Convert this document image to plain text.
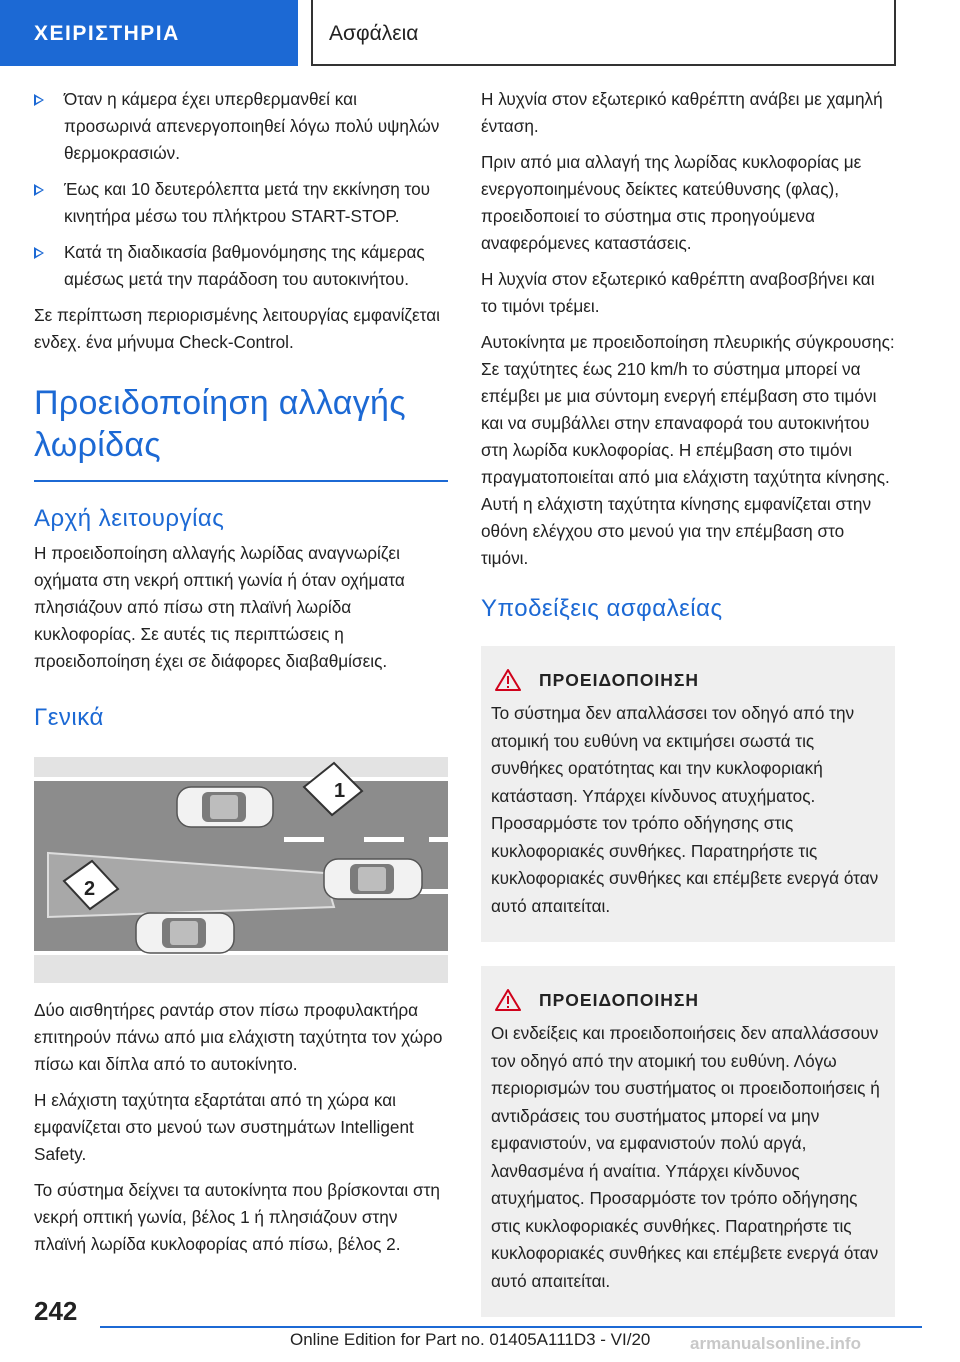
ΧΕΙΡΙΣΤΗΡΙΑ	Ασφάλεια
Όταν η κάμερα έχει υπερθερμανθεί και προσωρινά απενεργοποιηθεί λόγω πολύ υψηλών θερμοκρασιών.
Έως και 10 δευτερόλεπτα μετά την εκκίνηση του κινητήρα μέσω του πλήκτρου START-STOP.
Κατά τη διαδικασία βαθμονόμησης της κάμερας αμέσως μετά την παράδοση του αυτοκινήτου.

Σε περίπτωση περιορισμένης λειτουργίας εμφανίζεται ενδεχ. ένα μήνυμα Check-Control.

Προειδοποίηση αλλαγής λωρίδας
Αρχή λειτουργίας

Η προειδοποίηση αλλαγής λωρίδας αναγνωρίζει οχήματα στη νεκρή οπτική γωνία ή όταν οχήματα πλησιάζουν από πίσω στη πλαϊνή λωρίδα κυκλοφορίας. Σε αυτές τις περιπτώσεις η προειδοποίηση έχει σε διάφορες διαβαθμίσεις.

Γενικά
1
2

Δύο αισθητήρες ραντάρ στον πίσω προφυλακτήρα επιτηρούν πάνω από μια ελάχιστη ταχύτητα τον χώρο πίσω και δίπλα από το αυτοκίνητο.

Η ελάχιστη ταχύτητα εξαρτάται από τη χώρα και εμφανίζεται στο μενού των συστημάτων Intelligent Safety.

Το σύστημα δείχνει τα αυτοκίνητα που βρίσκονται στη νεκρή οπτική γωνία, βέλος 1 ή πλησιάζουν στην πλαϊνή λωρίδα κυκλοφορίας από πίσω, βέλος 2.

Η λυχνία στον εξωτερικό καθρέπτη ανάβει με χαμηλή ένταση.

Πριν από μια αλλαγή της λωρίδας κυκλοφορίας με ενεργοποιημένους δείκτες κατεύθυνσης (φλας), προειδοποιεί το σύστημα στις προηγούμενα αναφερόμενες καταστάσεις.

Η λυχνία στον εξωτερικό καθρέπτη αναβοσβήνει και το τιμόνι τρέμει.

Αυτοκίνητα με προειδοποίηση πλευρικής σύγκρουσης: Σε ταχύτητες έως 210 km/h το σύστημα μπορεί να επέμβει με μια σύντομη ενεργή επέμβαση στο τιμόνι και να συμβάλλει στην επαναφορά του αυτοκινήτου στη λωρίδα κυκλοφορίας. Η επέμβαση στο τιμόνι πραγματοποιείται από μια ελάχιστη ταχύτητα κίνησης. Αυτή η ελάχιστη ταχύτητα κίνησης εμφανίζεται στην οθόνη ελέγχου στο μενού για την επέμβαση στο τιμόνι.

Υποδείξεις ασφαλείας
ΠΡΟΕΙΔΟΠΟΙΗΣΗ

Το σύστημα δεν απαλλάσσει τον οδηγό από την ατομική του ευθύνη να εκτιμήσει σωστά τις συνθήκες ορατότητας και την κυκλοφοριακή κατάσταση. Υπάρχει κίνδυνος ατυχήματος. Προσαρμόστε τον τρόπο οδήγησης στις κυκλοφοριακές συνθήκες. Παρατηρήστε τις κυκλοφοριακές συνθήκες και επέμβετε ενεργά όταν αυτό απαιτείται.

ΠΡΟΕΙΔΟΠΟΙΗΣΗ

Οι ενδείξεις και προειδοποιήσεις δεν απαλλάσσουν τον οδηγό από την ατομική του ευθύνη. Λόγω περιορισμών του συστήματος οι προειδοποιήσεις ή αντιδράσεις του συστήματος μπορεί να μην εμφανιστούν, να εμφανιστούν πολύ αργά, λανθασμένα ή αναίτια. Υπάρχει κίνδυνος ατυχήματος. Προσαρμόστε τον τρόπο οδήγησης στις κυκλοφοριακές συνθήκες. Παρατηρήστε τις κυκλοφοριακές συνθήκες και επέμβετε ενεργά όταν αυτό απαιτείται.

242
Online Edition for Part no. 01405A111D3 - VI/20 armanualsonline.info
